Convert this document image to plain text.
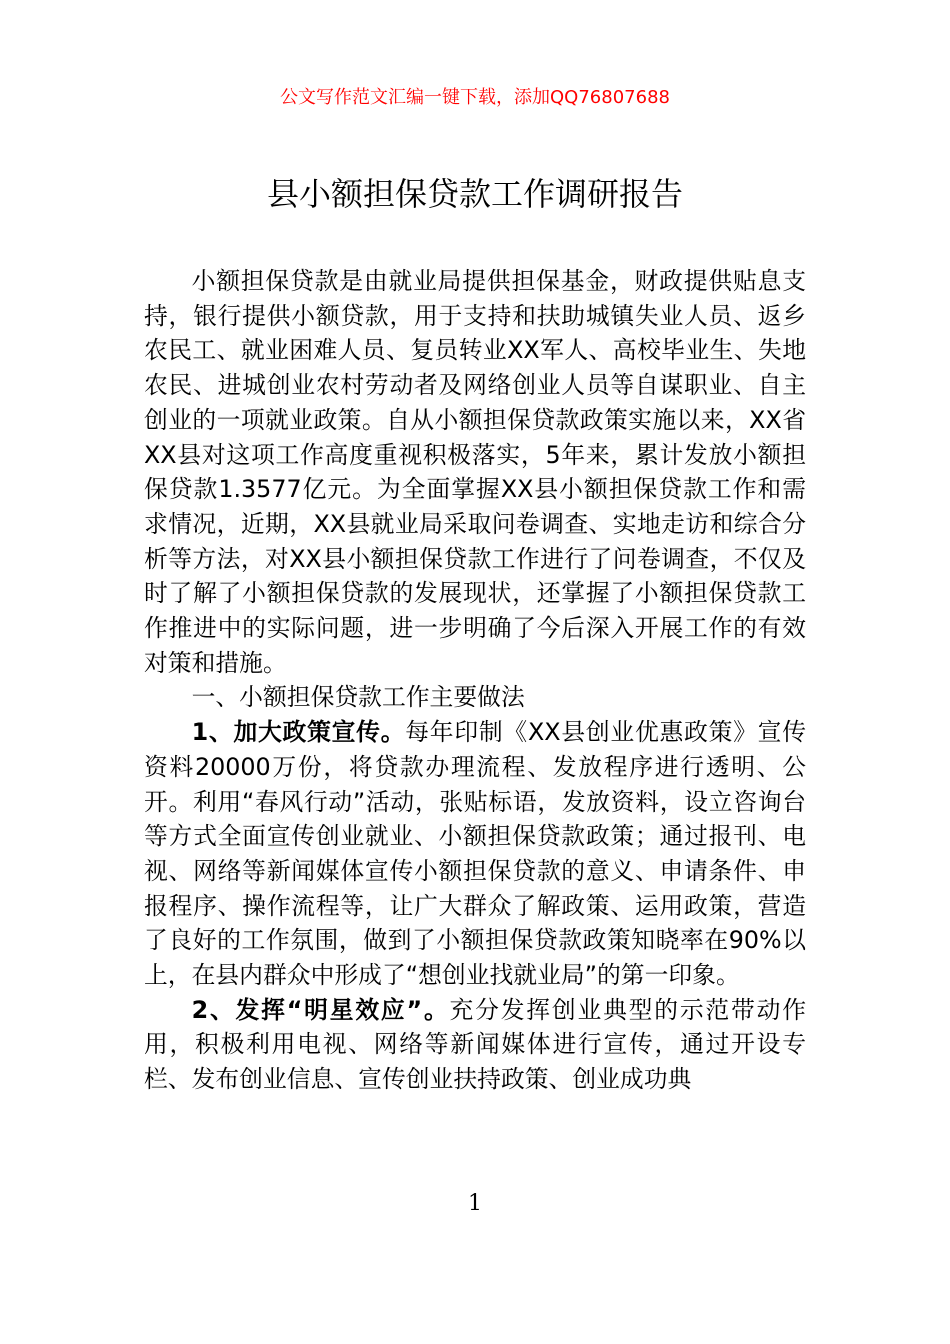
公文写作范文汇编一键下载，添加QQ76807688
县小额担保贷款工作调研报告

小额担保贷款是由就业局提供担保基金，财政提供贴息支持，银行提供小额贷款，用于支持和扶助城镇失业人员、返乡农民工、就业困难人员、复员转业XX军人、高校毕业生、失地农民、进城创业农村劳动者及网络创业人员等自谋职业、自主创业的一项就业政策。自从小额担保贷款政策实施以来，XX省XX县对这项工作高度重视积极落实，5年来，累计发放小额担保贷款1.3577亿元。为全面掌握XX县小额担保贷款工作和需求情况，近期，XX县就业局采取问卷调查、实地走访和综合分析等方法，对XX县小额担保贷款工作进行了问卷调查，不仅及时了解了小额担保贷款的发展现状，还掌握了小额担保贷款工作推进中的实际问题，进一步明确了今后深入开展工作的有效对策和措施。

一、小额担保贷款工作主要做法

1、加大政策宣传。每年印制《XX县创业优惠政策》宣传资料20000万份，将贷款办理流程、发放程序进行透明、公开。利用“春风行动”活动，张贴标语，发放资料，设立咨询台等方式全面宣传创业就业、小额担保贷款政策；通过报刊、电视、网络等新闻媒体宣传小额担保贷款的意义、申请条件、申报程序、操作流程等，让广大群众了解政策、运用政策，营造了良好的工作氛围，做到了小额担保贷款政策知晓率在90%以上，在县内群众中形成了“想创业找就业局”的第一印象。

2、发挥“明星效应”。充分发挥创业典型的示范带动作用，积极利用电视、网络等新闻媒体进行宣传，通过开设专栏、发布创业信息、宣传创业扶持政策、创业成功典

1
